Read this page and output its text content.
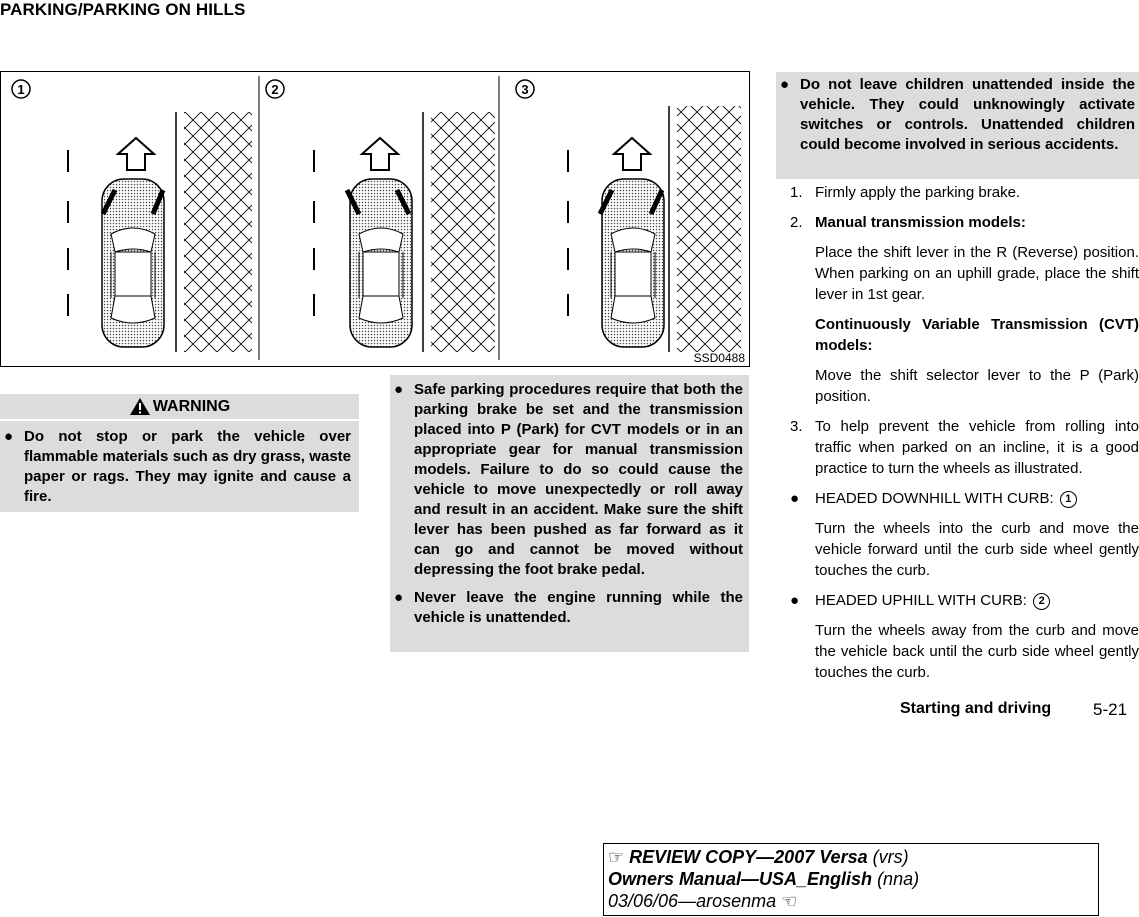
PARKING/PARKING ON HILLS
1	2	3
SSD0488
WARNING
● Do not stop or park the vehicle over flammable materials such as dry grass, waste paper or rags. They may ignite and cause a fire.
● Safe parking procedures require that both the parking brake be set and the transmission placed into P (Park) for CVT models or in an appropriate gear for manual transmission models. Failure to do so could cause the vehicle to move unexpectedly or roll away and result in an accident. Make sure the shift lever has been pushed as far forward as it can go and cannot be moved without depressing the foot brake pedal.
● Never leave the engine running while the vehicle is unattended.
● Do not leave children unattended inside the vehicle. They could unknowingly activate switches or controls. Unattended children could become involved in serious accidents.
1. Firmly apply the parking brake.
2. Manual transmission models:
Place the shift lever in the R (Reverse) position. When parking on an uphill grade, place the shift lever in 1st gear.
Continuously Variable Transmission (CVT) models:
Move the shift selector lever to the P (Park) position.
3. To help prevent the vehicle from rolling into traffic when parked on an incline, it is a good practice to turn the wheels as illustrated.
●	HEADED DOWNHILL WITH CURB: 1
Turn the wheels into the curb and move the vehicle forward until the curb side wheel gently touches the curb.
●	HEADED UPHILL WITH CURB: 2
Turn the wheels away from the curb and move the vehicle back until the curb side wheel gently touches the curb.
Starting and driving 5-21
☞ REVIEW COPY—2007 Versa (vrs)
Owners Manual—USA_English (nna)
03/06/06—arosenma ☜
